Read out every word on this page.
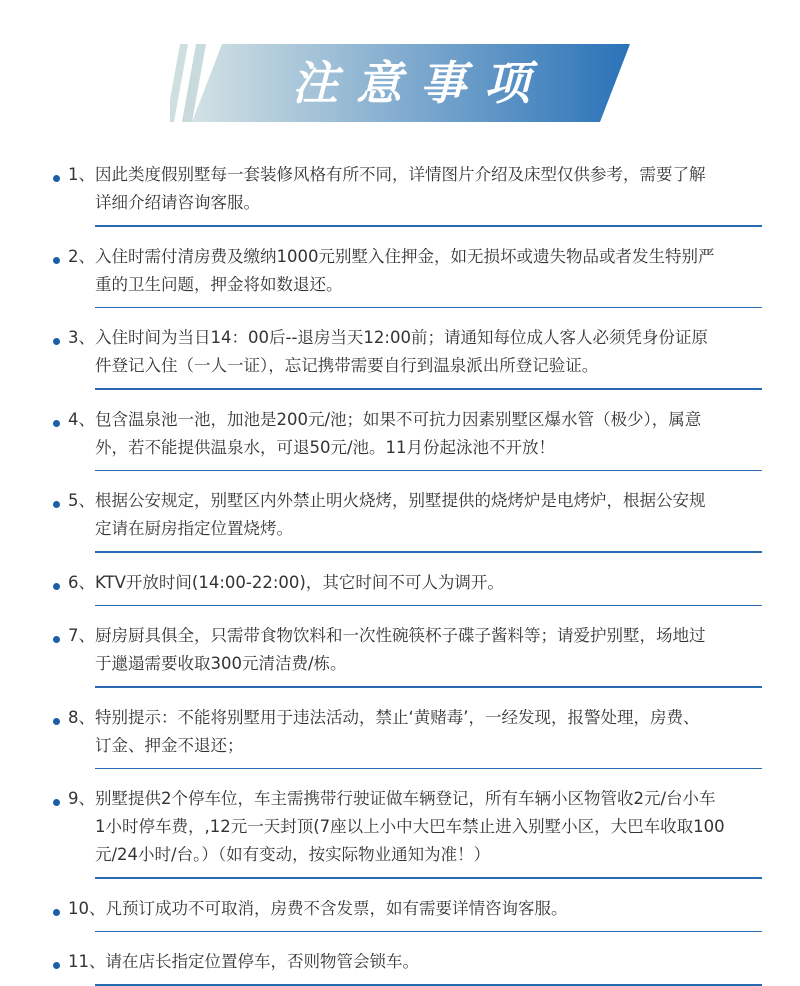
注意事项
1、因此类度假别墅每一套装修风格有所不同，详情图片介绍及床型仅供参考，需要了解
详细介绍请咨询客服。
2、入住时需付清房费及缴纳1000元别墅入住押金，如无损坏或遗失物品或者发生特别严
重的卫生问题，押金将如数退还。
3、入住时间为当日14：00后--退房当天12:00前；请通知每位成人客人必须凭身份证原
件登记入住（一人一证），忘记携带需要自行到温泉派出所登记验证。
4、包含温泉池一池，加池是200元/池；如果不可抗力因素别墅区爆水管（极少），属意
外，若不能提供温泉水，可退50元/池。11月份起泳池不开放！
5、根据公安规定，别墅区内外禁止明火烧烤，别墅提供的烧烤炉是电烤炉，根据公安规
定请在厨房指定位置烧烤。
6、KTV开放时间(14:00-22:00)，其它时间不可人为调开。
7、厨房厨具俱全，只需带食物饮料和一次性碗筷杯子碟子酱料等；请爱护别墅，场地过
于邋遢需要收取300元清洁费/栋。
8、特别提示：不能将别墅用于违法活动，禁止‘黄赌毒’，一经发现，报警处理，房费、
订金、押金不退还；
9、别墅提供2个停车位，车主需携带行驶证做车辆登记，所有车辆小区物管收2元/台小车
1小时停车费，,12元一天封顶(7座以上小中大巴车禁止进入别墅小区，大巴车收取100
元/24小时/台。）（如有变动，按实际物业通知为准！）
10、凡预订成功不可取消，房费不含发票，如有需要详情咨询客服。
11、请在店长指定位置停车，否则物管会锁车。
